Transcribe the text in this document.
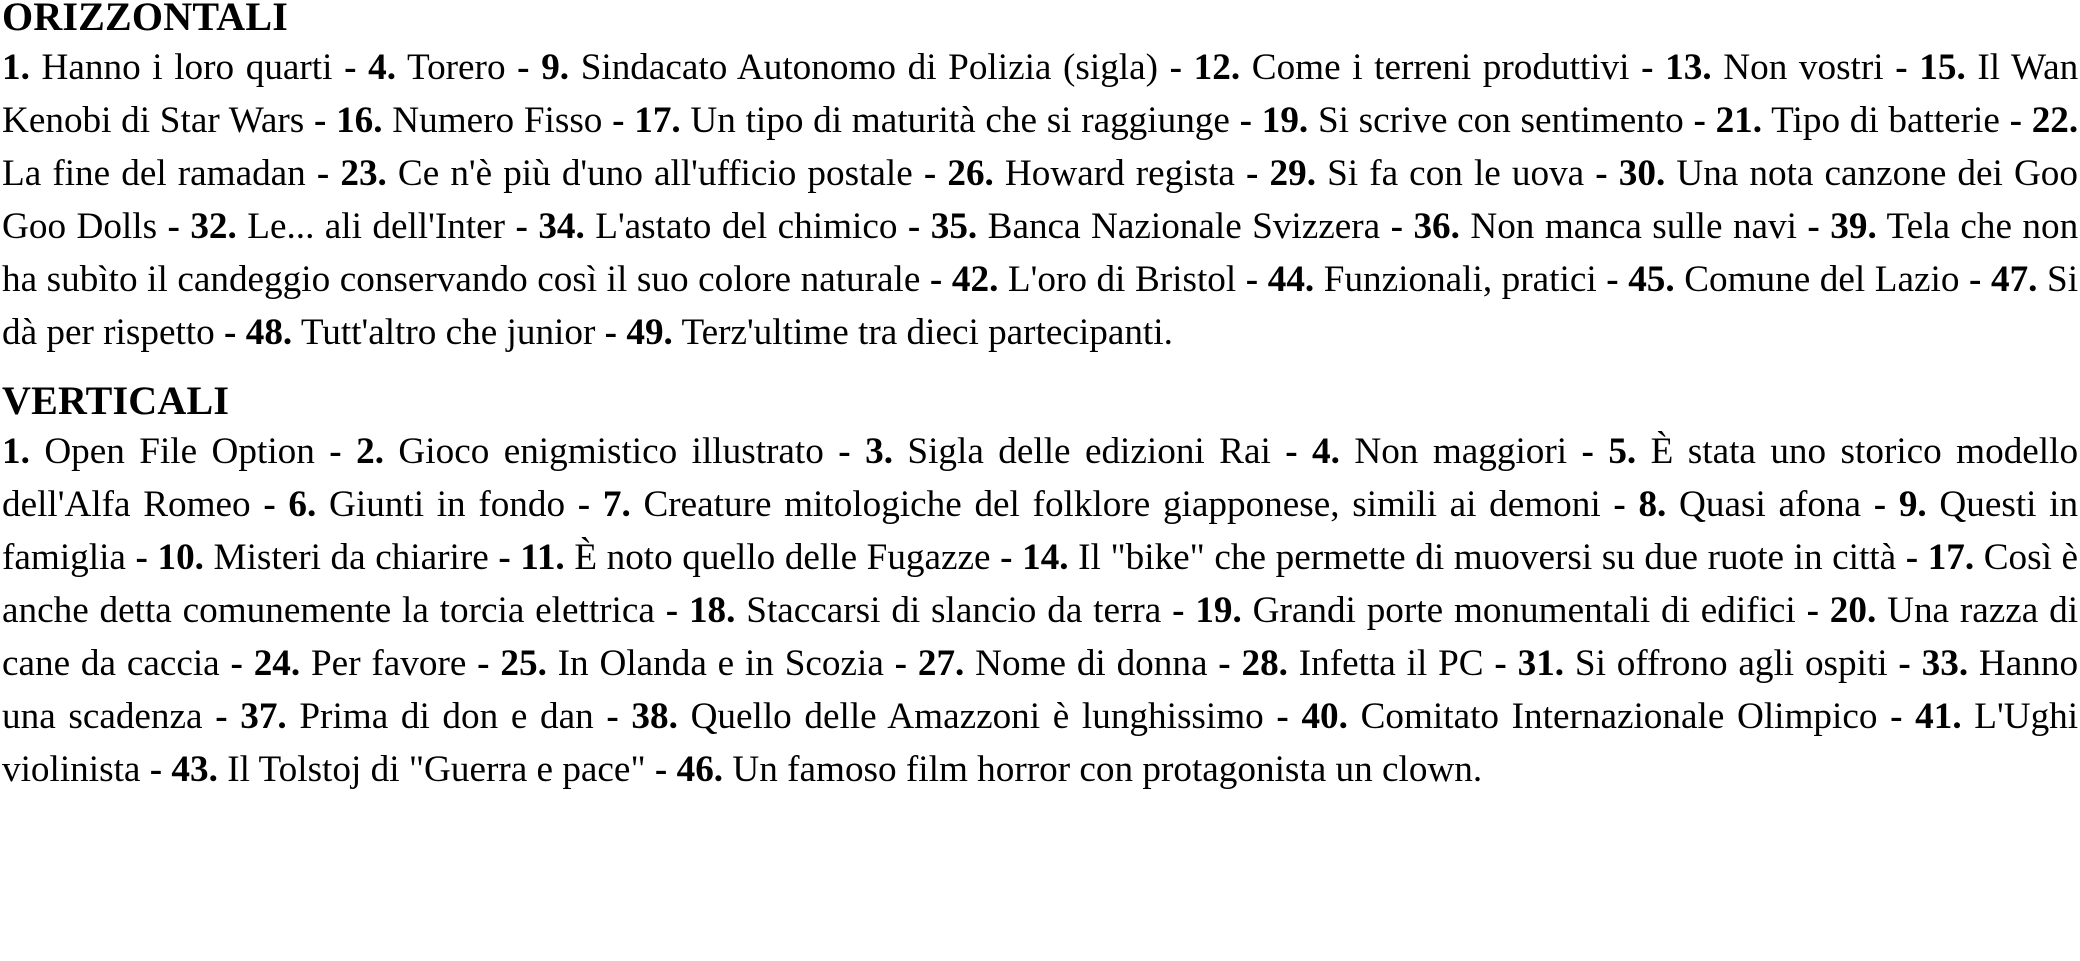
ORIZZONTALI

1. Hanno i loro quarti - 4. Torero - 9. Sindacato Autonomo di Polizia (sigla) - 12. Come i terreni produttivi - 13. Non vostri - 15. Il Wan Kenobi di Star Wars - 16. Numero Fisso - 17. Un tipo di maturità che si raggiunge - 19. Si scrive con sentimento - 21. Tipo di batterie - 22. La fine del ramadan - 23. Ce n'è più d'uno all'ufficio postale - 26. Howard regista - 29. Si fa con le uova - 30. Una nota canzone dei Goo Goo Dolls - 32. Le... ali dell'Inter - 34. L'astato del chimico - 35. Banca Nazionale Svizzera - 36. Non manca sulle navi - 39. Tela che non ha subìto il candeggio conservando così il suo colore naturale - 42. L'oro di Bristol - 44. Funzionali, pratici - 45. Comune del Lazio - 47. Si dà per rispetto - 48. Tutt'altro che junior - 49. Terz'ultime tra dieci partecipanti.

VERTICALI

1. Open File Option - 2. Gioco enigmistico illustrato - 3. Sigla delle edizioni Rai - 4. Non maggiori - 5. È stata uno storico modello dell'Alfa Romeo - 6. Giunti in fondo - 7. Creature mitologiche del folklore giapponese, simili ai demoni - 8. Quasi afona - 9. Questi in famiglia - 10. Misteri da chiarire - 11. È noto quello delle Fugazze - 14. Il "bike" che permette di muoversi su due ruote in città - 17. Così è anche detta comunemente la torcia elettrica - 18. Staccarsi di slancio da terra - 19. Grandi porte monumentali di edifici - 20. Una razza di cane da caccia - 24. Per favore - 25. In Olanda e in Scozia - 27. Nome di donna - 28. Infetta il PC - 31. Si offrono agli ospiti - 33. Hanno una scadenza - 37. Prima di don e dan - 38. Quello delle Amazzoni è lunghissimo - 40. Comitato Internazionale Olimpico - 41. L'Ughi violinista - 43. Il Tolstoj di "Guerra e pace" - 46. Un famoso film horror con protagonista un clown.
